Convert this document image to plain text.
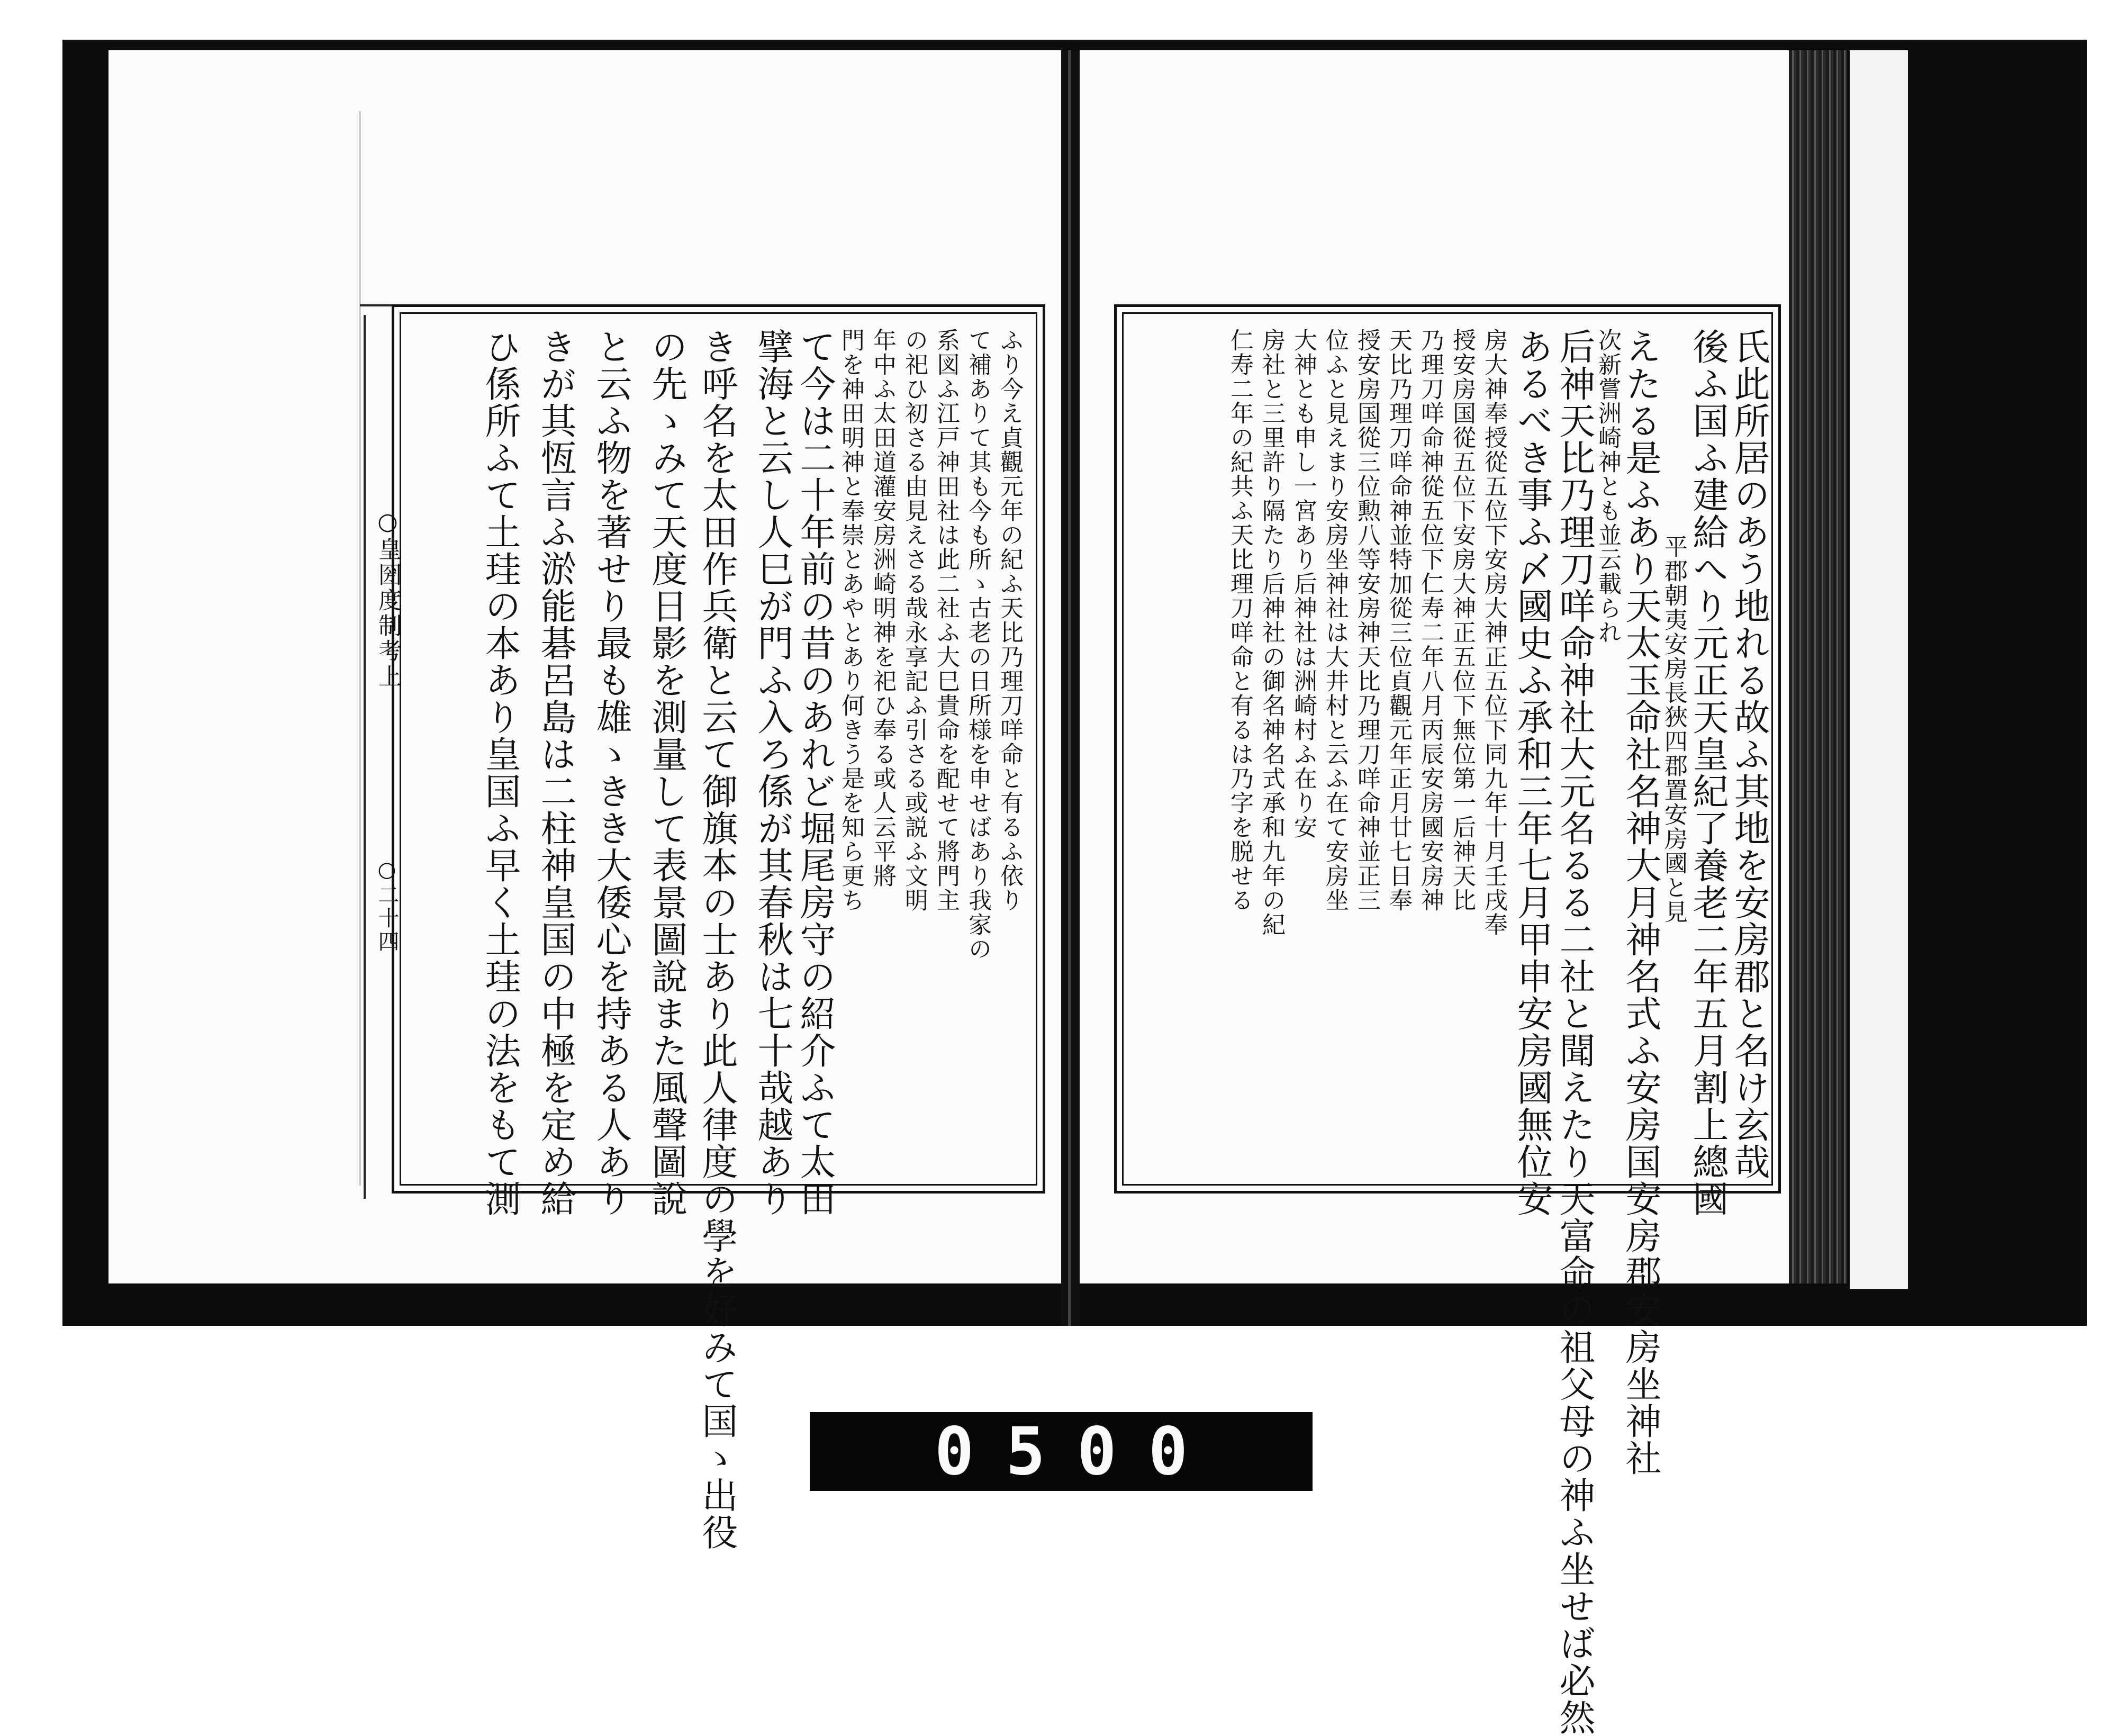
○皇圀度制考上
○二十四	氏此所居のあう地れる故ふ其地を安房郡と名け玄哉
後ふ国ふ建給へり元正天皇紀了養老二年五月割上總國
平郡朝夷安房長狹四郡置安房國と見
えたる是ふあり天太玉命社名神大月神名式ふ安房国安房郡安房坐神社
次新嘗洲崎神とも並云載られ
后神天比乃理刀咩命神社大元名るる二社と聞えたり天富命の祖父母の神ふ坐せば必然
あるべき事ふ〆國史ふ承和三年七月甲申安房國無位安
房大神奉授從五位下安房大神正五位下同九年十月壬戌奉
授安房国從五位下安房大神正五位下無位第一后神天比
乃理刀咩命神從五位下仁寿二年八月丙辰安房國安房神
天比乃理刀咩命神並特加從三位貞觀元年正月廿七日奉
授安房国從三位勲八等安房神天比乃理刀咩命神並正三
位ふと見えまり安房坐神社は大井村と云ふ在て安房坐
大神とも申し一宮あり后神社は洲崎村ふ在り安
房社と三里許り隔たり后神社の御名神名式承和九年の紀
仁寿二年の紀共ふ天比理刀咩命と有るは乃字を脱せる
ふり今え貞觀元年の紀ふ天比乃理刀咩命と有るふ依り
て補ありて其も今も所ゝ古老の日所様を申せばあり我家の
系図ふ江戸神田社は此二社ふ大巳貴命を配せて將門主
の祀ひ初さる由見えさる哉永享記ふ引さる或説ふ文明
年中ふ太田道灌安房洲崎明神を祀ひ奉る或人云平將
門を神田明神と奉崇とあやとあり何きう是を知ら更ち
て今は二十年前の昔のあれど堀尾房守の紹介ふて太田
擘海と云し人巳が門ふ入ろ係が其春秋は七十哉越あり
き呼名を太田作兵衛と云て御旗本の士あり此人律度の學を好みて国ゝ出役
の先ゝみて天度日影を測量して表景圖說また風聲圖說
と云ふ物を著せり最も雄ゝきき大倭心を持ある人あり
きが其恆言ふ淤能碁呂島は二柱神皇国の中極を定め給
ひ係所ふて土珪の本あり皇国ふ早く土珪の法をもて測
0500
